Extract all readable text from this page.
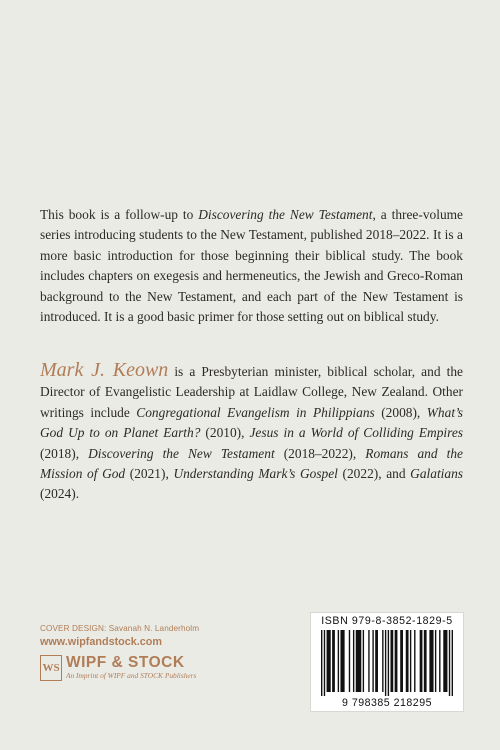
This book is a follow-up to Discovering the New Testament, a three-volume series introducing students to the New Testament, published 2018–2022. It is a more basic introduction for those beginning their biblical study. The book includes chapters on exegesis and hermeneutics, the Jewish and Greco-Roman background to the New Testament, and each part of the New Testament is introduced. It is a good basic primer for those setting out on biblical study.
Mark J. Keown is a Presbyterian minister, biblical scholar, and the Director of Evangelistic Leadership at Laidlaw College, New Zealand. Other writings include Congregational Evangelism in Philippians (2008), What’s God Up to on Planet Earth? (2010), Jesus in a World of Colliding Empires (2018), Discovering the New Testament (2018–2022), Romans and the Mission of God (2021), Understanding Mark’s Gospel (2022), and Galatians (2024).
COVER DESIGN: Savanah N. Landerholm
www.wipfandstock.com
WS WIPF & STOCK
An Imprint of WIPF and STOCK Publishers
ISBN 979-8-3852-1829-5
9 798385 218295
